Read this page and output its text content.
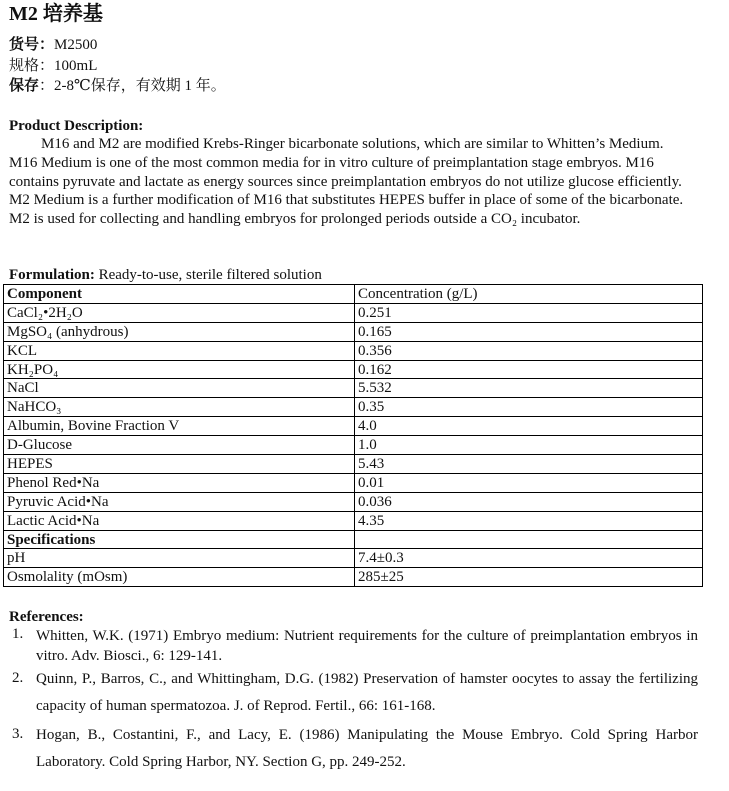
M2 培养基
货号：M2500
规格：100mL
保存：2-8℃保存，有效期 1 年。
Product Description:

M16 and M2 are modified Krebs-Ringer bicarbonate solutions, which are similar to Whitten’s Medium. M16 Medium is one of the most common media for in vitro culture of preimplantation stage embryos. M16 contains pyruvate and lactate as energy sources since preimplantation embryos do not utilize glucose efficiently. M2 Medium is a further modification of M16 that substitutes HEPES buffer in place of some of the bicarbonate. M2 is used for collecting and handling embryos for prolonged periods outside a CO₂ incubator.

Formulation: Ready-to-use, sterile filtered solution
Component	Concentration (g/L)
CaCl₂•2H₂O	0.251
MgSO₄ (anhydrous)	0.165
KCL	0.356
KH₂PO₄	0.162
NaCl	5.532
NaHCO₃	0.35
Albumin, Bovine Fraction V	4.0
D-Glucose	1.0
HEPES	5.43
Phenol Red•Na	0.01
Pyruvic Acid•Na	0.036
Lactic Acid•Na	4.35
Specifications	
pH	7.4±0.3
Osmolality (mOsm)	285±25
References:
1. Whitten, W.K. (1971) Embryo medium: Nutrient requirements for the culture of preimplantation embryos in vitro. Adv. Biosci., 6: 129-141.
2. Quinn, P., Barros, C., and Whittingham, D.G. (1982) Preservation of hamster oocytes to assay the fertilizing capacity of human spermatozoa. J. of Reprod. Fertil., 66: 161-168.
3. Hogan, B., Costantini, F., and Lacy, E. (1986) Manipulating the Mouse Embryo. Cold Spring Harbor Laboratory. Cold Spring Harbor, NY. Section G, pp. 249-252.
